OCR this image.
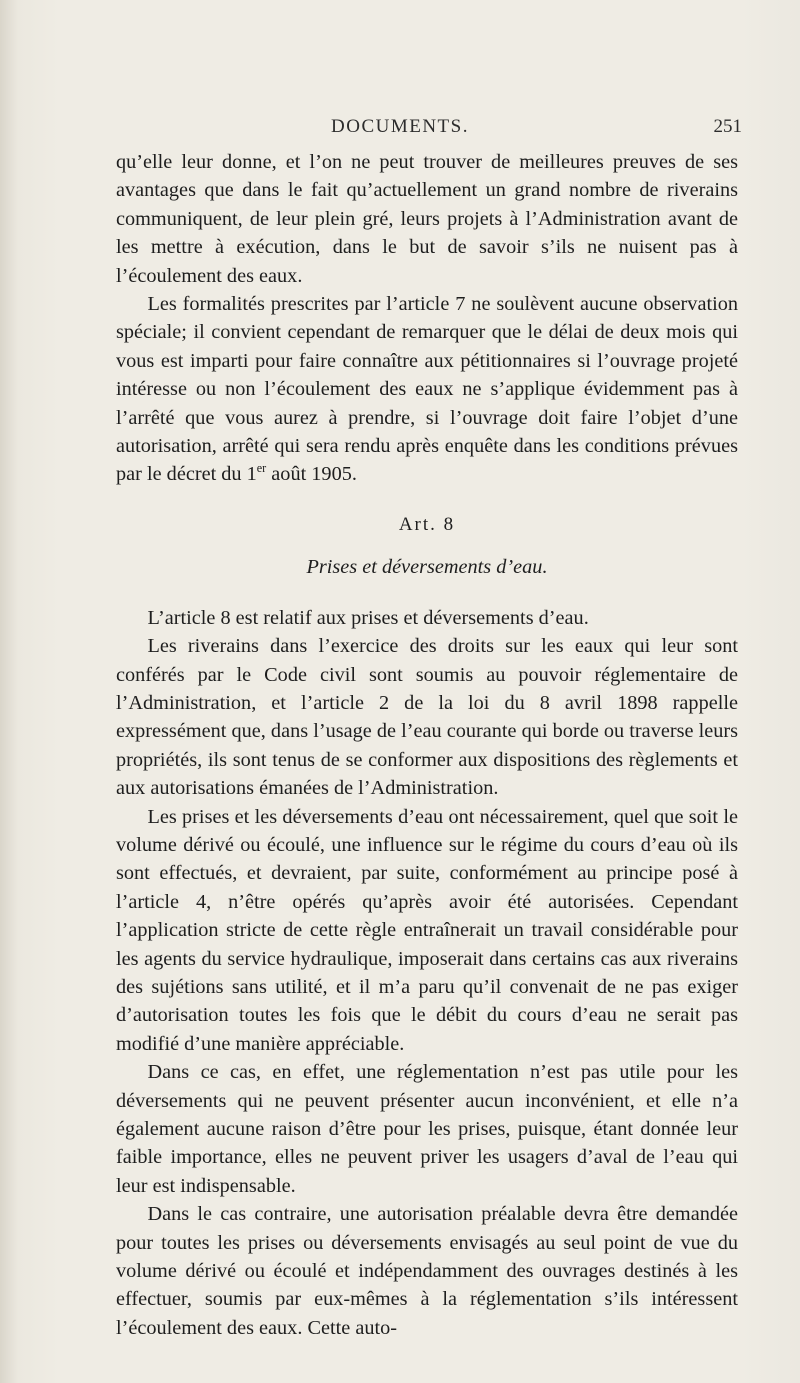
DOCUMENTS.	251

qu’elle leur donne, et l’on ne peut trouver de meilleures preuves de ses avantages que dans le fait qu’actuellement un grand nombre de riverains communiquent, de leur plein gré, leurs projets à l’Administration avant de les mettre à exécution, dans le but de savoir s’ils ne nuisent pas à l’écoulement des eaux.

Les formalités prescrites par l’article 7 ne soulèvent aucune observation spéciale; il convient cependant de remarquer que le délai de deux mois qui vous est imparti pour faire connaître aux pétitionnaires si l’ouvrage projeté intéresse ou non l’écoulement des eaux ne s’applique évidemment pas à l’arrêté que vous aurez à prendre, si l’ouvrage doit faire l’objet d’une autorisation, arrêté qui sera rendu après enquête dans les conditions prévues par le décret du 1er août 1905.

Art. 8

Prises et déversements d’eau.

L’article 8 est relatif aux prises et déversements d’eau.

Les riverains dans l’exercice des droits sur les eaux qui leur sont conférés par le Code civil sont soumis au pouvoir réglementaire de l’Administration, et l’article 2 de la loi du 8 avril 1898 rappelle expressément que, dans l’usage de l’eau courante qui borde ou traverse leurs propriétés, ils sont tenus de se conformer aux dispositions des règlements et aux autorisations émanées de l’Administration.

Les prises et les déversements d’eau ont nécessairement, quel que soit le volume dérivé ou écoulé, une influence sur le régime du cours d’eau où ils sont effectués, et devraient, par suite, conformément au principe posé à l’article 4, n’être opérés qu’après avoir été autorisées. Cependant l’application stricte de cette règle entraînerait un travail considérable pour les agents du service hydraulique, imposerait dans certains cas aux riverains des sujétions sans utilité, et il m’a paru qu’il convenait de ne pas exiger d’autorisation toutes les fois que le débit du cours d’eau ne serait pas modifié d’une manière appréciable.

Dans ce cas, en effet, une réglementation n’est pas utile pour les déversements qui ne peuvent présenter aucun inconvénient, et elle n’a également aucune raison d’être pour les prises, puisque, étant donnée leur faible importance, elles ne peuvent priver les usagers d’aval de l’eau qui leur est indispensable.

Dans le cas contraire, une autorisation préalable devra être demandée pour toutes les prises ou déversements envisagés au seul point de vue du volume dérivé ou écoulé et indépendamment des ouvrages destinés à les effectuer, soumis par eux-mêmes à la réglementation s’ils intéressent l’écoulement des eaux. Cette auto-
